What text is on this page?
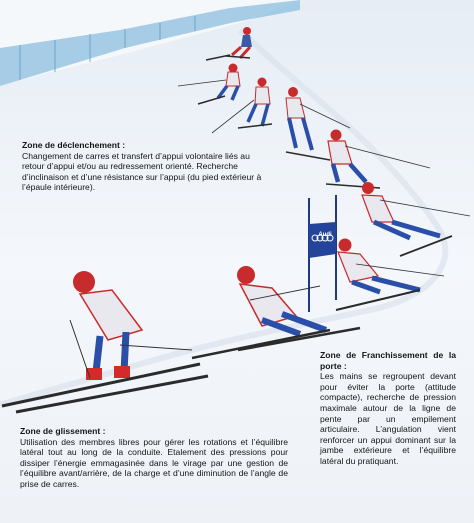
Audi
Zone de déclenchement :
Changement de carres et transfert d’appui volontaire liés au retour d’appui et/ou au redressement orienté. Recherche d’inclinaison et d’une résistance sur l’appui (du pied extérieur à l’épaule intérieure).
Zone de glissement :
Utilisation des membres libres pour gérer les rotations et l’équilibre latéral tout au long de la conduite. Etalement des pressions pour dissiper l’énergie emmagasinée dans le virage par une gestion de l’équilibre avant/arrière, de la charge et d’une diminution de l’angle de prise de carres.
Zone de Franchissement de la porte :
Les mains se regroupent devant pour éviter la porte (attitude compacte), recherche de pression maximale autour de la ligne de pente par un empilement articulaire. L’angulation vient renforcer un appui dominant sur la jambe extérieure et l’équilibre latéral du pratiquant.
